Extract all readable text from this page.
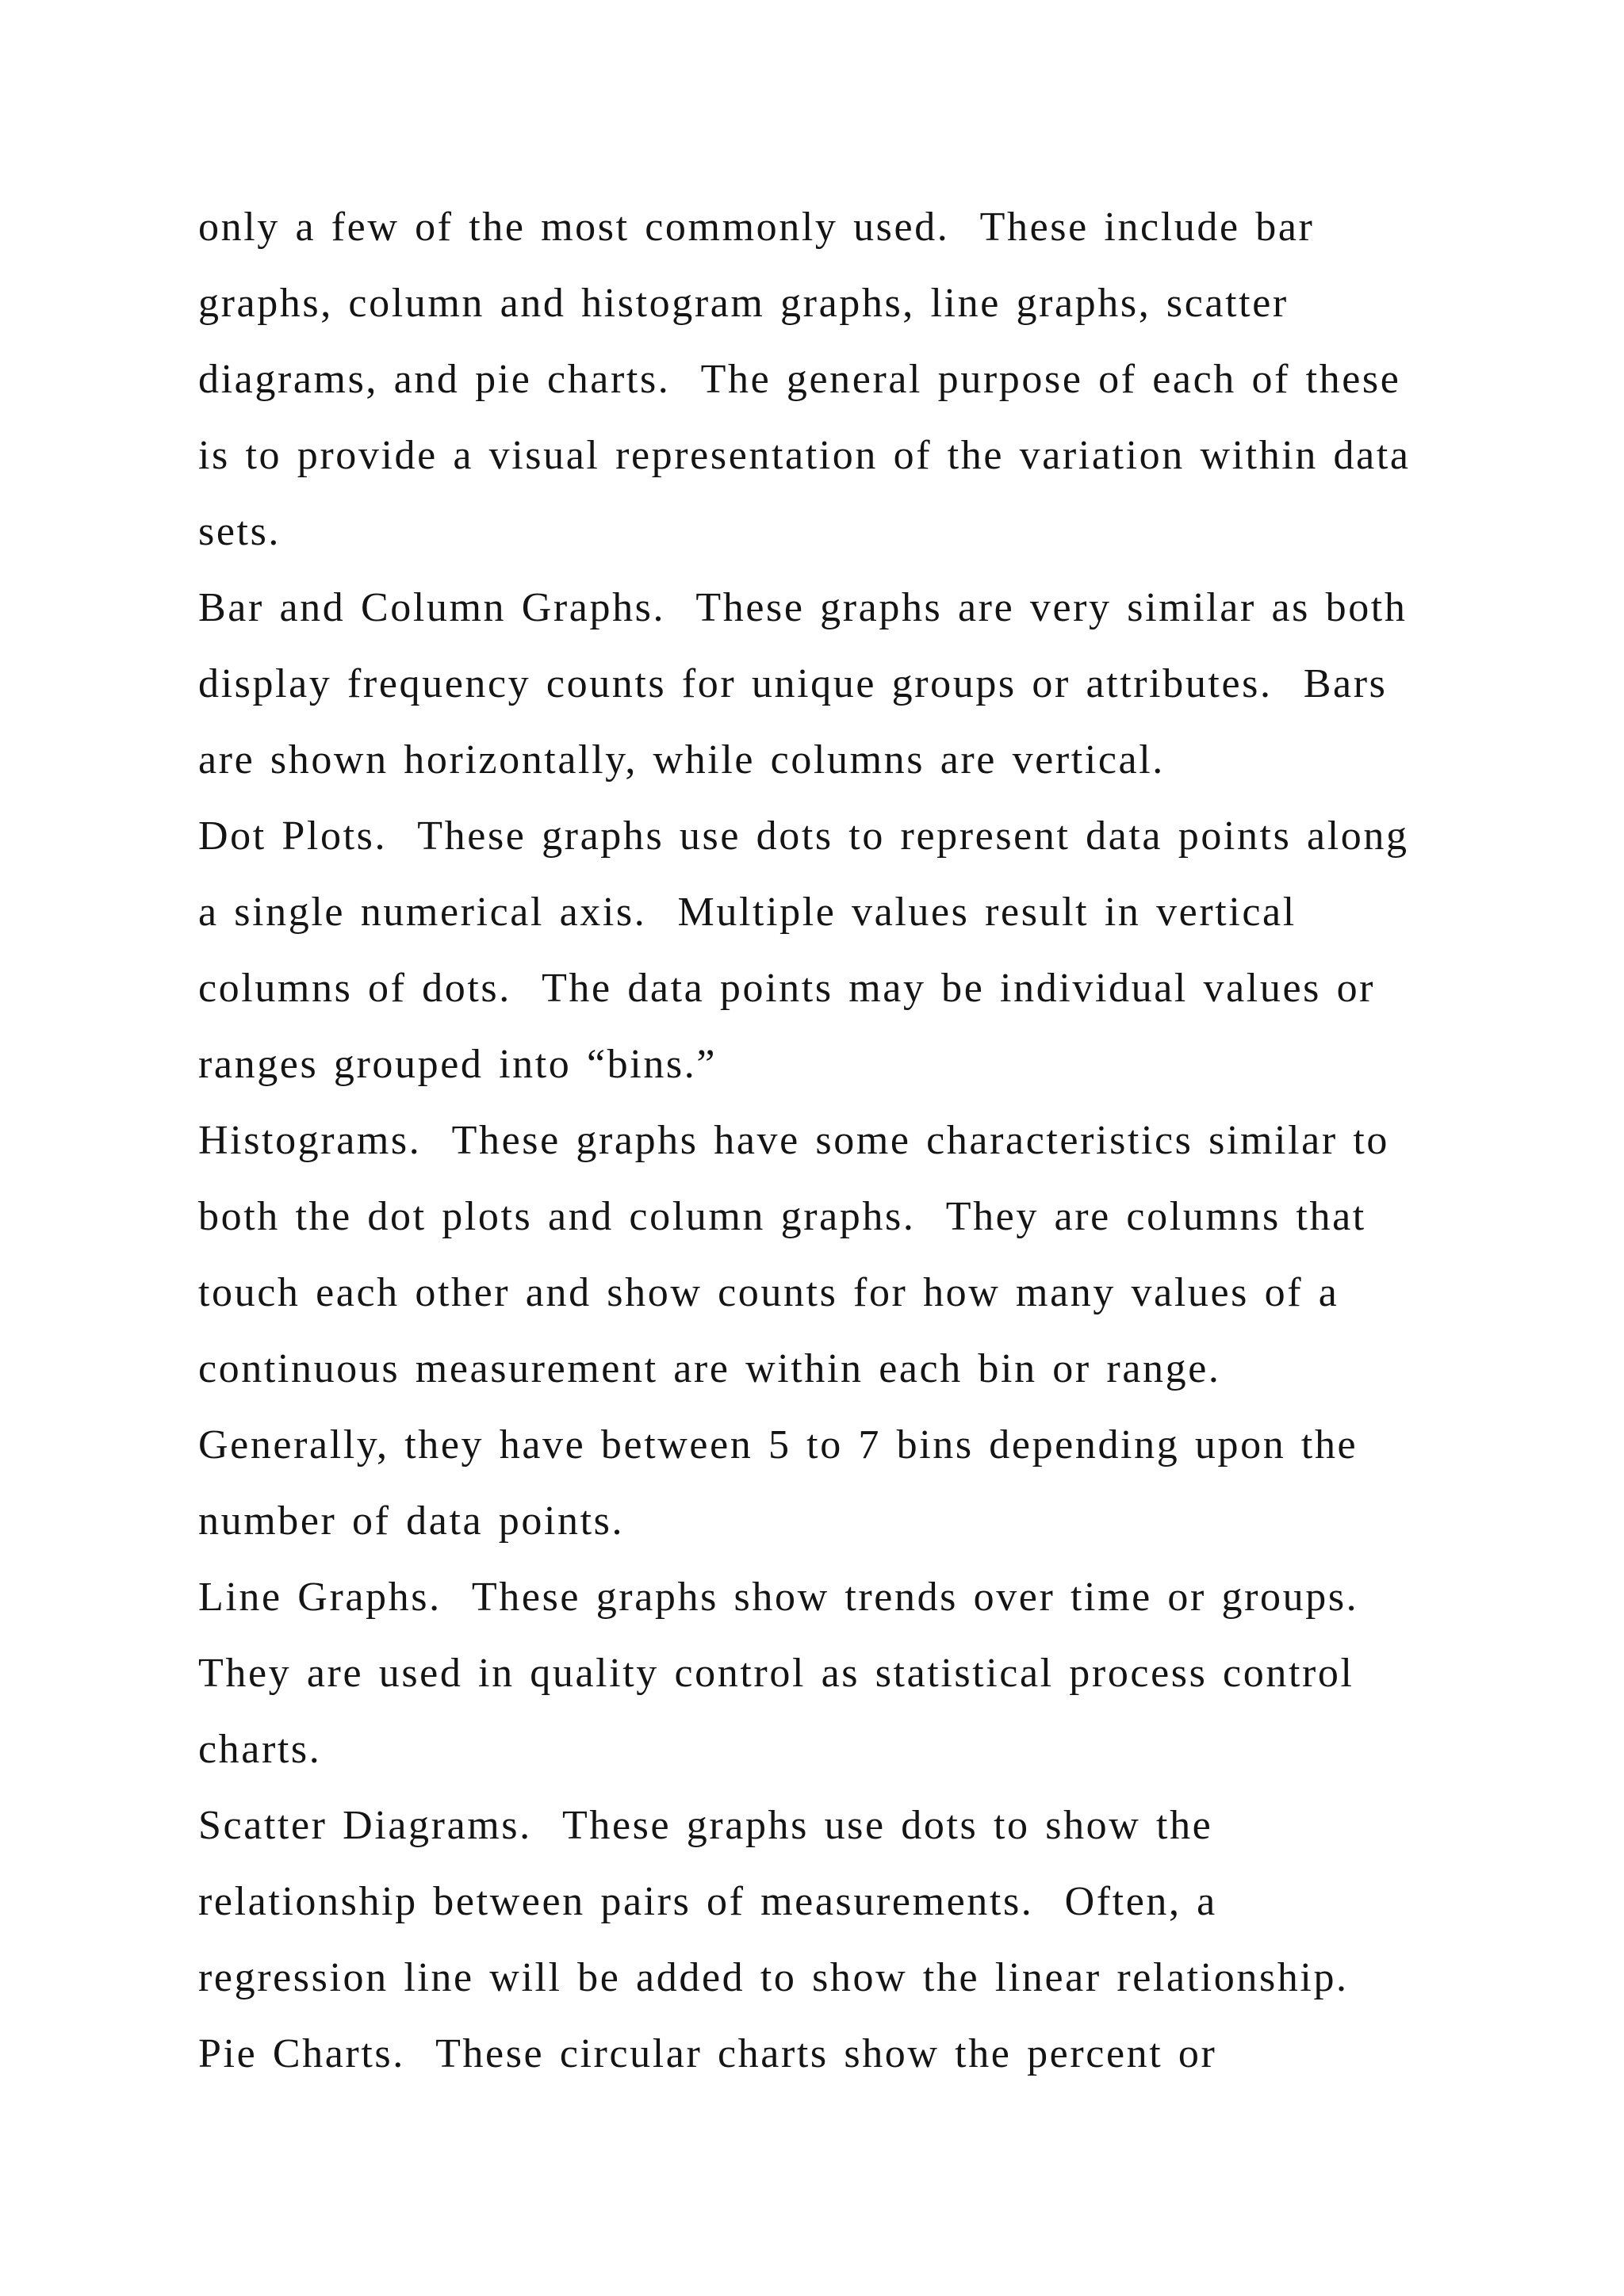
only a few of the most commonly used.  These include bar
graphs, column and histogram graphs, line graphs, scatter
diagrams, and pie charts.  The general purpose of each of these
is to provide a visual representation of the variation within data
sets.
Bar and Column Graphs.  These graphs are very similar as both
display frequency counts for unique groups or attributes.  Bars
are shown horizontally, while columns are vertical.
Dot Plots.  These graphs use dots to represent data points along
a single numerical axis.  Multiple values result in vertical
columns of dots.  The data points may be individual values or
ranges grouped into “bins.”
Histograms.  These graphs have some characteristics similar to
both the dot plots and column graphs.  They are columns that
touch each other and show counts for how many values of a
continuous measurement are within each bin or range.
Generally, they have between 5 to 7 bins depending upon the
number of data points.
Line Graphs.  These graphs show trends over time or groups.
They are used in quality control as statistical process control
charts.
Scatter Diagrams.  These graphs use dots to show the
relationship between pairs of measurements.  Often, a
regression line will be added to show the linear relationship.
Pie Charts.  These circular charts show the percent or
